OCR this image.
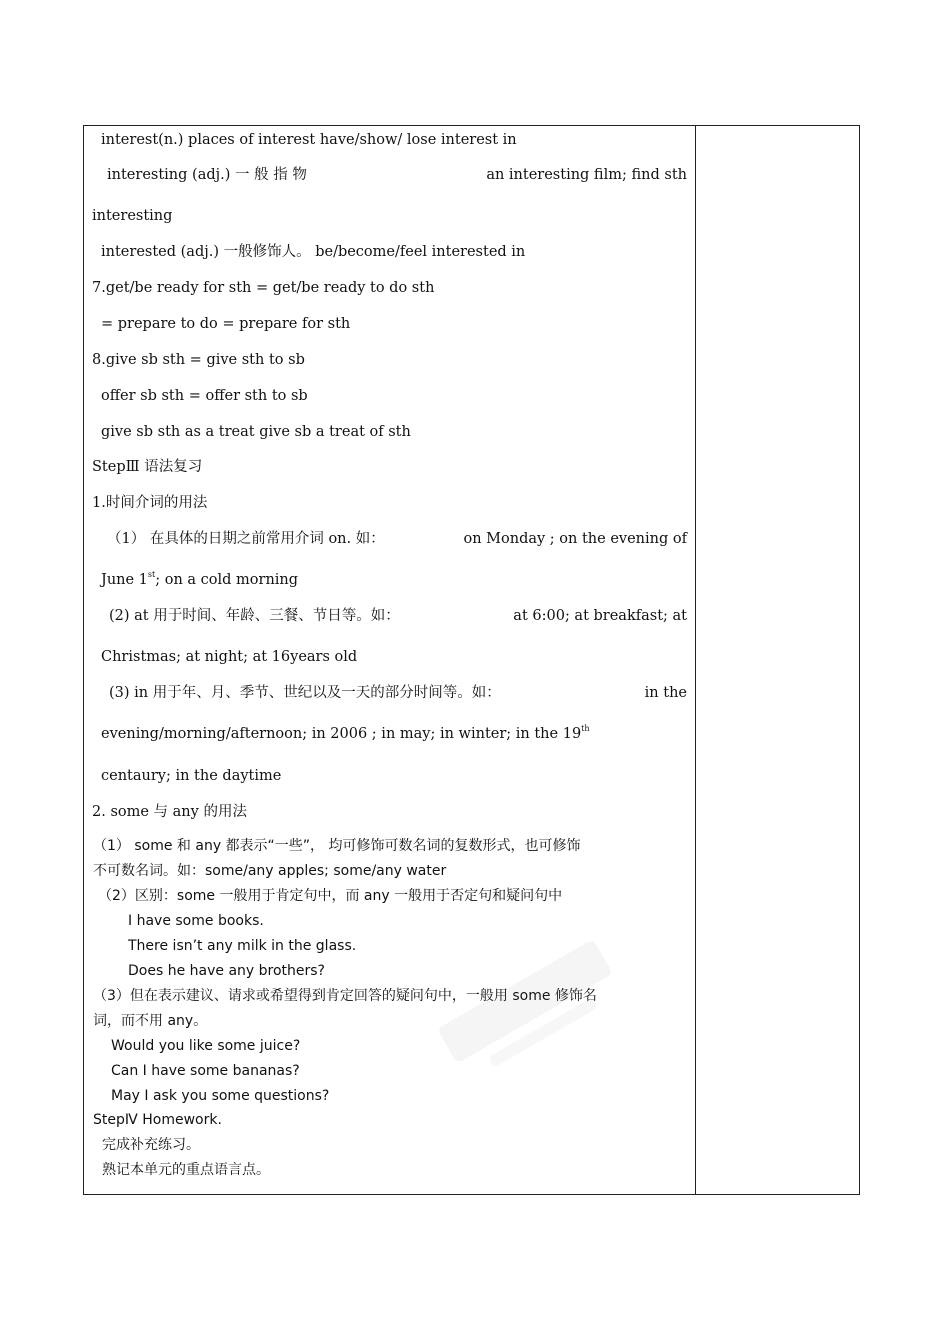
interest(n.) places of interest have/show/ lose interest in
interesting (adj.) 一 般 指 物	an interesting film; find sth
interesting
interested (adj.) 一般修饰人。 be/become/feel interested in
7.get/be ready for sth = get/be ready to do sth
= prepare to do = prepare for sth
8.give sb sth = give sth to sb
offer sb sth = offer sth to sb
give sb sth as a treat give sb a treat of sth
StepⅢ 语法复习
1.时间介词的用法
（1） 在具体的日期之前常用介词 on. 如：	on Monday ; on the evening of
June 1st; on a cold morning
(2) at 用于时间、年龄、三餐、节日等。如：	at 6:00; at breakfast; at
Christmas; at night; at 16years old
(3) in 用于年、月、季节、世纪以及一天的部分时间等。如：	in the
evening/morning/afternoon; in 2006 ; in may; in winter; in the 19th
centaury; in the daytime
2. some 与 any 的用法
（1） some 和 any 都表示“一些”， 均可修饰可数名词的复数形式，也可修饰
不可数名词。如：some/any apples; some/any water
（2）区别：some 一般用于肯定句中，而 any 一般用于否定句和疑问句中
I have some books.
There isn’t any milk in the glass.
Does he have any brothers?
（3）但在表示建议、请求或希望得到肯定回答的疑问句中，一般用 some 修饰名
词，而不用 any。
Would you like some juice?
Can I have some bananas?
May I ask you some questions?
StepⅣ Homework.
完成补充练习。
熟记本单元的重点语言点。
